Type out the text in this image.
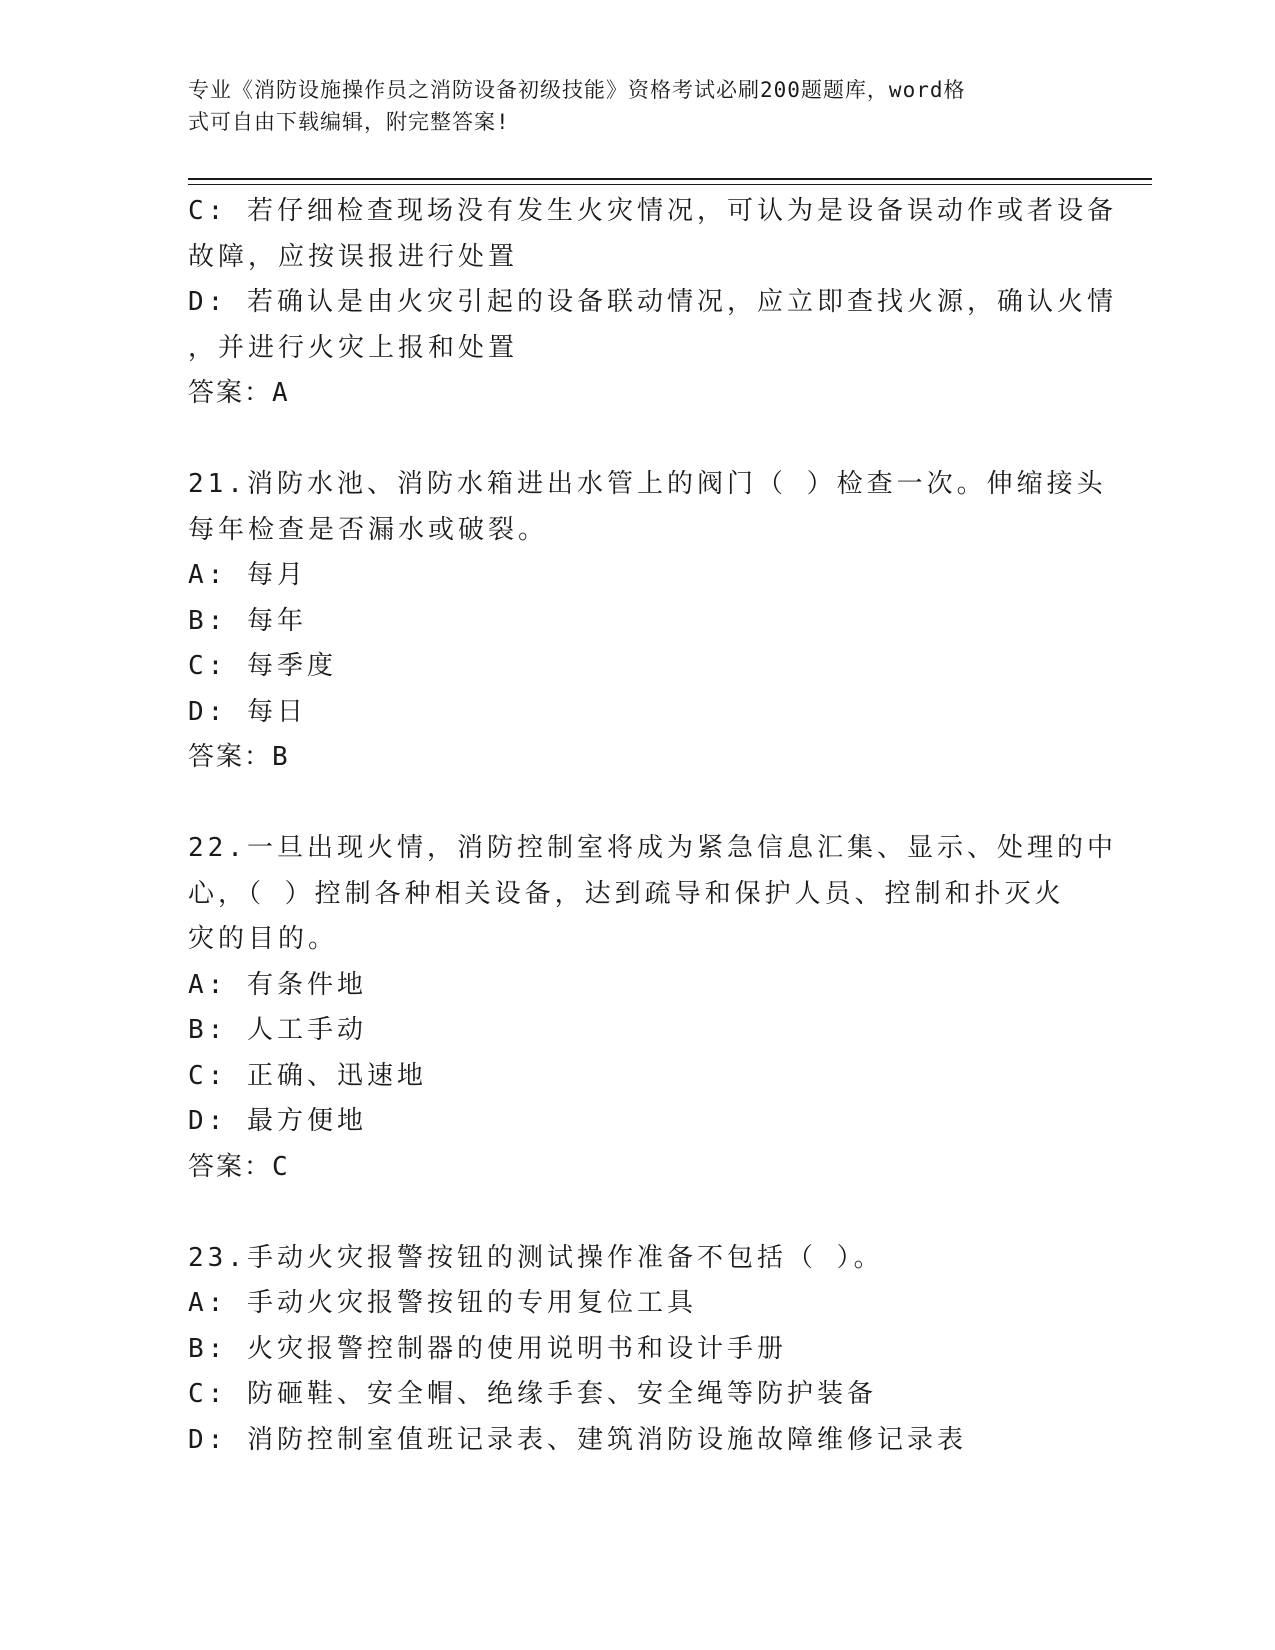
专业《消防设施操作员之消防设备初级技能》资格考试必刷200题题库，word格
式可自由下载编辑，附完整答案!
C: 若仔细检查现场没有发生火灾情况，可认为是设备误动作或者设备
故障，应按误报进行处置
D: 若确认是由火灾引起的设备联动情况，应立即查找火源，确认火情
，并进行火灾上报和处置
答案：A
21.消防水池、消防水箱进出水管上的阀门（ ）检查一次。伸缩接头
每年检查是否漏水或破裂。
A: 每月
B: 每年
C: 每季度
D: 每日
答案：B
22.一旦出现火情，消防控制室将成为紧急信息汇集、显示、处理的中
心，（ ）控制各种相关设备，达到疏导和保护人员、控制和扑灭火
灾的目的。
A: 有条件地
B: 人工手动
C: 正确、迅速地
D: 最方便地
答案：C
23.手动火灾报警按钮的测试操作准备不包括（ ）。
A: 手动火灾报警按钮的专用复位工具
B: 火灾报警控制器的使用说明书和设计手册
C: 防砸鞋、安全帽、绝缘手套、安全绳等防护装备
D: 消防控制室值班记录表、建筑消防设施故障维修记录表
